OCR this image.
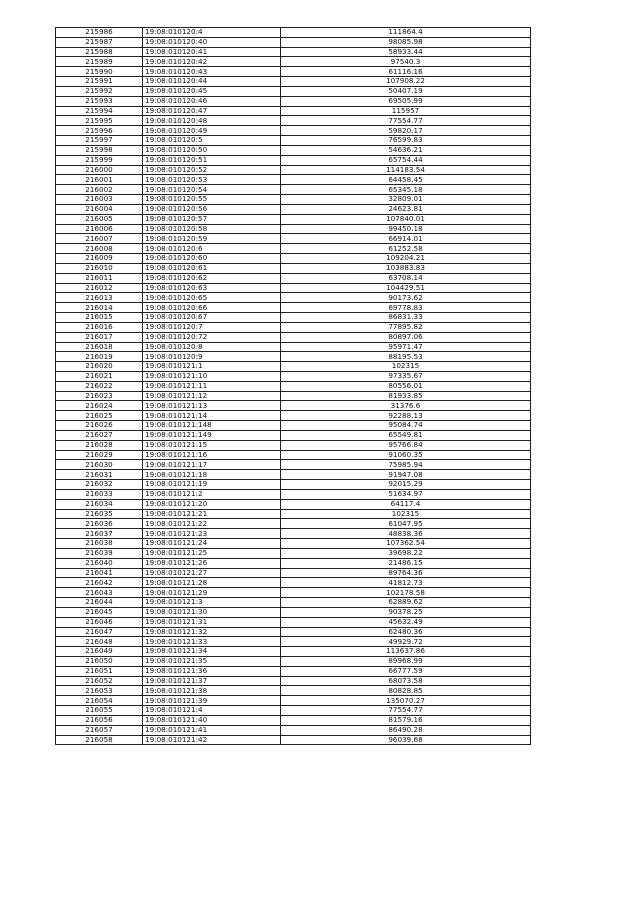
215986	19:08:010120:4	111864.4
215987	19:08:010120:40	98085.98
215988	19:08:010120:41	58933.44
215989	19:08:010120:42	97540.3
215990	19:08:010120:43	61116.16
215991	19:08:010120:44	107908.22
215992	19:08:010120:45	50407.19
215993	19:08:010120:46	69505.99
215994	19:08:010120:47	115957
215995	19:08:010120:48	77554.77
215996	19:08:010120:49	59820.17
215997	19:08:010120:5	76599.83
215998	19:08:010120:50	54636.21
215999	19:08:010120:51	65754.44
216000	19:08:010120:52	114183.54
216001	19:08:010120:53	64458.45
216002	19:08:010120:54	65345.18
216003	19:08:010120:55	32809.01
216004	19:08:010120:56	24623.81
216005	19:08:010120:57	107840.01
216006	19:08:010120:58	99450.18
216007	19:08:010120:59	66914.01
216008	19:08:010120:6	61252.58
216009	19:08:010120:60	109204.21
216010	19:08:010120:61	103883.83
216011	19:08:010120:62	63708.14
216012	19:08:010120:63	104429.51
216013	19:08:010120:65	90173.62
216014	19:08:010120:66	69778.83
216015	19:08:010120:67	86831.33
216016	19:08:010120:7	77895.82
216017	19:08:010120:72	80897.06
216018	19:08:010120:8	95971.47
216019	19:08:010120:9	88195.53
216020	19:08:010121:1	102315
216021	19:08:010121:10	97335.67
216022	19:08:010121:11	80556.01
216023	19:08:010121:12	81933.85
216024	19:08:010121:13	31376.6
216025	19:08:010121:14	92288.13
216026	19:08:010121:148	95084.74
216027	19:08:010121:149	65549.81
216028	19:08:010121:15	95766.84
216029	19:08:010121:16	91060.35
216030	19:08:010121:17	75985.94
216031	19:08:010121:18	91947.08
216032	19:08:010121:19	92015.29
216033	19:08:010121:2	51634.97
216034	19:08:010121:20	64117.4
216035	19:08:010121:21	102315
216036	19:08:010121:22	61047.95
216037	19:08:010121:23	48838.36
216038	19:08:010121:24	107362.54
216039	19:08:010121:25	39698.22
216040	19:08:010121:26	21486.15
216041	19:08:010121:27	89764.36
216042	19:08:010121:28	41812.73
216043	19:08:010121:29	102178.58
216044	19:08:010121:3	62889.62
216045	19:08:010121:30	90378.25
216046	19:08:010121:31	45632.49
216047	19:08:010121:32	62480.36
216048	19:08:010121:33	49929.72
216049	19:08:010121:34	113637.86
216050	19:08:010121:35	89968.99
216051	19:08:010121:36	66777.59
216052	19:08:010121:37	68073.58
216053	19:08:010121:38	80828.85
216054	19:08:010121:39	135070.27
216055	19:08:010121:4	77554.77
216056	19:08:010121:40	81579.16
216057	19:08:010121:41	86490.28
216058	19:08:010121:42	96039.68
